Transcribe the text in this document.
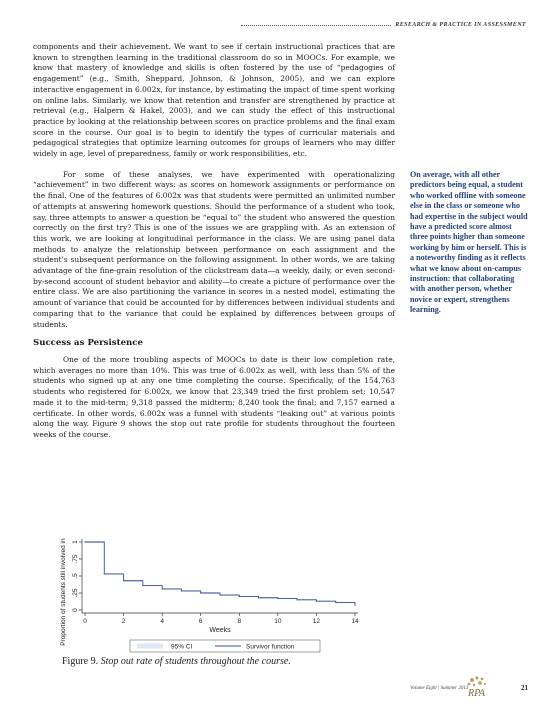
RESEARCH & PRACTICE IN ASSESSMENT

components and their achievement. We want to see if certain instructional practices that are known to strengthen learning in the traditional classroom do so in MOOCs. For example, we know that mastery of knowledge and skills is often fostered by the use of “pedagogies of engagement” (e.g., Smith, Sheppard, Johnson, & Johnson, 2005), and we can explore interactive engagement in 6.002x, for instance, by estimating the impact of time spent working on online labs. Similarly, we know that retention and transfer are strengthened by practice at retrieval (e.g., Halpern & Hakel, 2003), and we can study the effect of this instructional practice by looking at the relationship between scores on practice problems and the final exam score in the course. Our goal is to begin to identify the types of curricular materials and pedagogical strategies that optimize learning outcomes for groups of learners who may differ widely in age, level of preparedness, family or work responsibilities, etc.

For some of these analyses, we have experimented with operationalizing “achievement” in two different ways: as scores on homework assignments or performance on the final. One of the features of 6.002x was that students were permitted an unlimited number of attempts at answering homework questions. Should the performance of a student who took, say, three attempts to answer a question be “equal to” the student who answered the question correctly on the first try? This is one of the issues we are grappling with. As an extension of this work, we are looking at longitudinal performance in the class. We are using panel data methods to analyze the relationship between performance on each assignment and the student’s subsequent performance on the following assignment. In other words, we are taking advantage of the fine-grain resolution of the clickstream data—a weekly, daily, or even second-by-second account of student behavior and ability—to create a picture of performance over the entire class. We are also partitioning the variance in scores in a nested model, estimating the amount of variance that could be accounted for by differences between individual students and comparing that to the variance that could be explained by differences between groups of students.

Success as Persistence

One of the more troubling aspects of MOOCs to date is their low completion rate, which averages no more than 10%. This was true of 6.002x as well, with less than 5% of the students who signed up at any one time completing the course. Specifically, of the 154,763 students who registered for 6.002x, we know that 23,349 tried the first problem set; 10,547 made it to the mid-term; 9,318 passed the midterm; 8,240 took the final; and 7,157 earned a certificate. In other words, 6.002x was a funnel with students “leaking out” at various points along the way. Figure 9 shows the stop out rate profile for students throughout the fourteen weeks of the course.

On average, with all other predictors being equal, a student who worked offline with someone else in the class or someone who had expertise in the subject would have a predicted score almost three points higher than someone working by him or herself. This is a noteworthy finding as it reflects what we know about on-campus instruction: that collaborating with another person, whether novice or expert, strengthens learning.
0	2	4	6	8	10	12	14
0
.25
.5
.75
1
Weeks
Proportion of students still involved in the course
95% CI	Survivor function
Figure 9. Stop out rate of students throughout the course.
Volume Eight | Summer 2013 RPA	21
